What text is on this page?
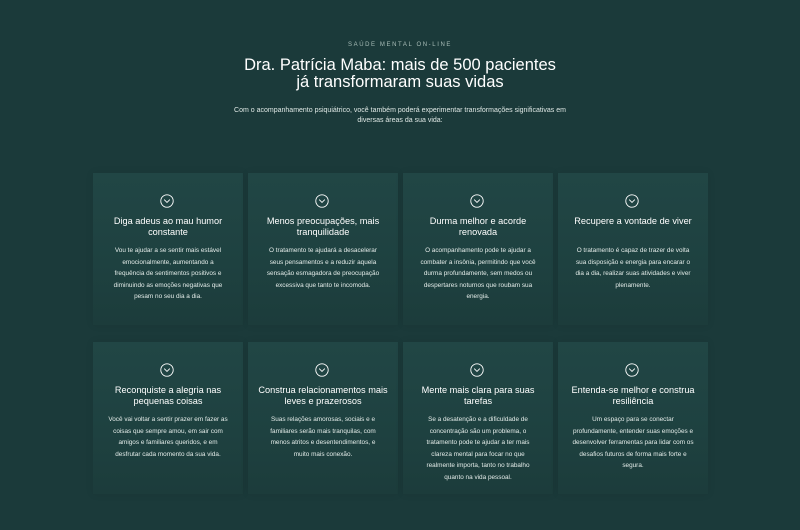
SAÚDE MENTAL ON-LINE
Dra. Patrícia Maba: mais de 500 pacientes
já transformaram suas vidas

Com o acompanhamento psiquiátrico, você também poderá experimentar transformações significativas em diversas áreas da sua vida:

Diga adeus ao mau humor constante

Vou te ajudar a se sentir mais estável emocionalmente, aumentando a frequência de sentimentos positivos e diminuindo as emoções negativas que pesam no seu dia a dia.

Menos preocupações, mais tranquilidade

O tratamento te ajudará a desacelerar seus pensamentos e a reduzir aquela sensação esmagadora de preocupação excessiva que tanto te incomoda.

Durma melhor e acorde renovada

O acompanhamento pode te ajudar a combater a insônia, permitindo que você durma profundamente, sem medos ou despertares noturnos que roubam sua energia.

Recupere a vontade de viver

O tratamento é capaz de trazer de volta sua disposição e energia para encarar o dia a dia, realizar suas atividades e viver plenamente.

Reconquiste a alegria nas pequenas coisas

Você vai voltar a sentir prazer em fazer as coisas que sempre amou, em sair com amigos e familiares queridos, e em desfrutar cada momento da sua vida.

Construa relacionamentos mais leves e prazerosos

Suas relações amorosas, sociais e e familiares serão mais tranquilas, com menos atritos e desentendimentos, e muito mais conexão.

Mente mais clara para suas tarefas

Se a desatenção e a dificuldade de concentração são um problema, o tratamento pode te ajudar a ter mais clareza mental para focar no que realmente importa, tanto no trabalho quanto na vida pessoal.

Entenda-se melhor e construa resiliência

Um espaço para se conectar profundamente, entender suas emoções e desenvolver ferramentas para lidar com os desafios futuros de forma mais forte e segura.
